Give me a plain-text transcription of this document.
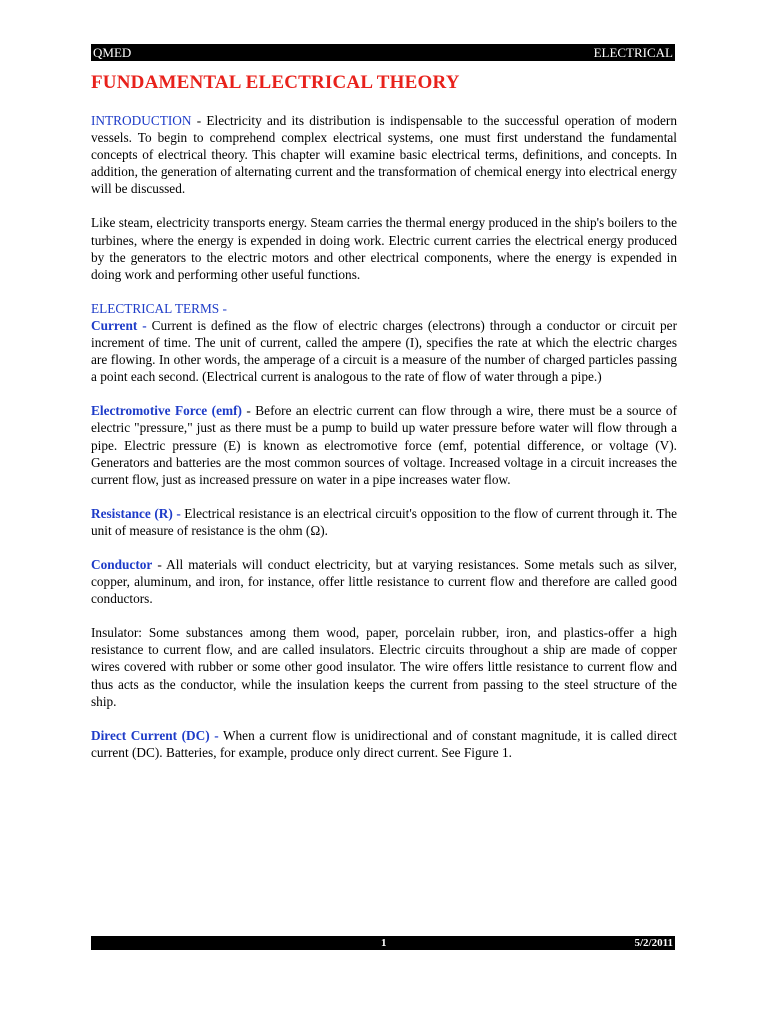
QMED	ELECTRICAL
FUNDAMENTAL ELECTRICAL THEORY

INTRODUCTION - Electricity and its distribution is indispensable to the successful operation of modern vessels. To begin to comprehend complex electrical systems, one must first understand the fundamental concepts of electrical theory. This chapter will examine basic electrical terms, definitions, and concepts. In addition, the generation of alternating current and the transformation of chemical energy into electrical energy will be discussed.

Like steam, electricity transports energy. Steam carries the thermal energy produced in the ship's boilers to the turbines, where the energy is expended in doing work. Electric current carries the electrical energy produced by the generators to the electric motors and other electrical components, where the energy is expended in doing work and performing other useful functions.

ELECTRICAL TERMS -

Current - Current is defined as the flow of electric charges (electrons) through a conductor or circuit per increment of time. The unit of current, called the ampere (I), specifies the rate at which the electric charges are flowing. In other words, the amperage of a circuit is a measure of the number of charged particles passing a point each second. (Electrical current is analogous to the rate of flow of water through a pipe.)

Electromotive Force (emf) - Before an electric current can flow through a wire, there must be a source of electric "pressure," just as there must be a pump to build up water pressure before water will flow through a pipe. Electric pressure (E) is known as electromotive force (emf, potential difference, or voltage (V). Generators and batteries are the most common sources of voltage. Increased voltage in a circuit increases the current flow, just as increased pressure on water in a pipe increases water flow.

Resistance (R) - Electrical resistance is an electrical circuit's opposition to the flow of current through it. The unit of measure of resistance is the ohm (Ω).

Conductor - All materials will conduct electricity, but at varying resistances. Some metals such as silver, copper, aluminum, and iron, for instance, offer little resistance to current flow and therefore are called good conductors.

Insulator: Some substances among them wood, paper, porcelain rubber, iron, and plastics-offer a high resistance to current flow, and are called insulators. Electric circuits throughout a ship are made of copper wires covered with rubber or some other good insulator. The wire offers little resistance to current flow and thus acts as the conductor, while the insulation keeps the current from passing to the steel structure of the ship.

Direct Current (DC) - When a current flow is unidirectional and of constant magnitude, it is called direct current (DC). Batteries, for example, produce only direct current. See Figure 1.

1	5/2/2011
